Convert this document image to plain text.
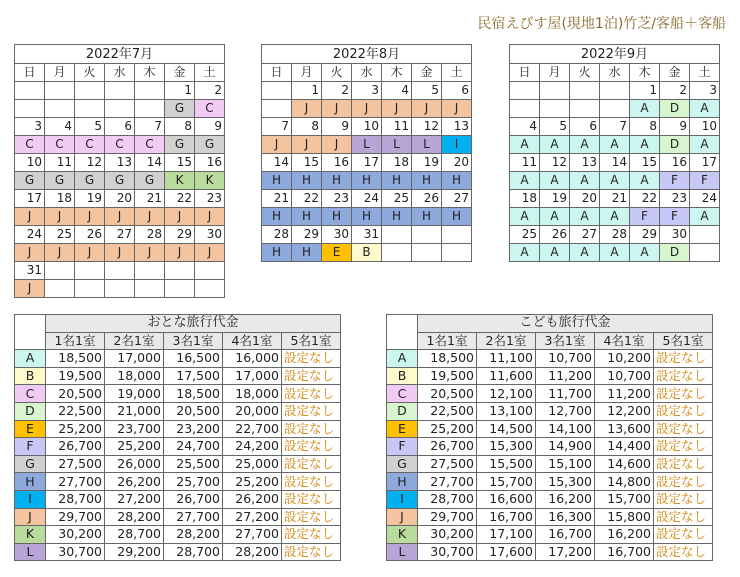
民宿えびす屋(現地1泊)竹芝/客船＋客船
2022年7月						
日	月	火	水	木	金	土
					1	2
					G	C
3	4	5	6	7	8	9
C	C	C	C	C	G	G
10	11	12	13	14	15	16
G	G	G	G	G	K	K
17	18	19	20	21	22	23
J	J	J	J	J	J	J
24	25	26	27	28	29	30
J	J	J	J	J	J	J
31						
J						
2022年8月						
日	月	火	水	木	金	土
	1	2	3	4	5	6
	J	J	J	J	J	J
7	8	9	10	11	12	13
J	J	J	L	L	L	I
14	15	16	17	18	19	20
H	H	H	H	H	H	H
21	22	23	24	25	26	27
H	H	H	H	H	H	H
28	29	30	31			
H	H	E	B			
2022年9月						
日	月	火	水	木	金	土
				1	2	3
				A	D	A
4	5	6	7	8	9	10
A	A	A	A	A	D	A
11	12	13	14	15	16	17
A	A	A	A	A	F	F
18	19	20	21	22	23	24
A	A	A	A	F	F	A
25	26	27	28	29	30	
A	A	A	A	A	D	
	おとな旅行代金				
	1名1室	2名1室	3名1室	4名1室	5名1室
A	18,500	17,000	16,500	16,000	設定なし
B	19,500	18,000	17,500	17,000	設定なし
C	20,500	19,000	18,500	18,000	設定なし
D	22,500	21,000	20,500	20,000	設定なし
E	25,200	23,700	23,200	22,700	設定なし
F	26,700	25,200	24,700	24,200	設定なし
G	27,500	26,000	25,500	25,000	設定なし
H	27,700	26,200	25,700	25,200	設定なし
I	28,700	27,200	26,700	26,200	設定なし
J	29,700	28,200	27,700	27,200	設定なし
K	30,200	28,700	28,200	27,700	設定なし
L	30,700	29,200	28,700	28,200	設定なし
	こども旅行代金				
	1名1室	2名1室	3名1室	4名1室	5名1室
A	18,500	11,100	10,700	10,200	設定なし
B	19,500	11,600	11,200	10,700	設定なし
C	20,500	12,100	11,700	11,200	設定なし
D	22,500	13,100	12,700	12,200	設定なし
E	25,200	14,500	14,100	13,600	設定なし
F	26,700	15,300	14,900	14,400	設定なし
G	27,500	15,500	15,100	14,600	設定なし
H	27,700	15,700	15,300	14,800	設定なし
I	28,700	16,600	16,200	15,700	設定なし
J	29,700	16,700	16,300	15,800	設定なし
K	30,200	17,100	16,700	16,200	設定なし
L	30,700	17,600	17,200	16,700	設定なし
